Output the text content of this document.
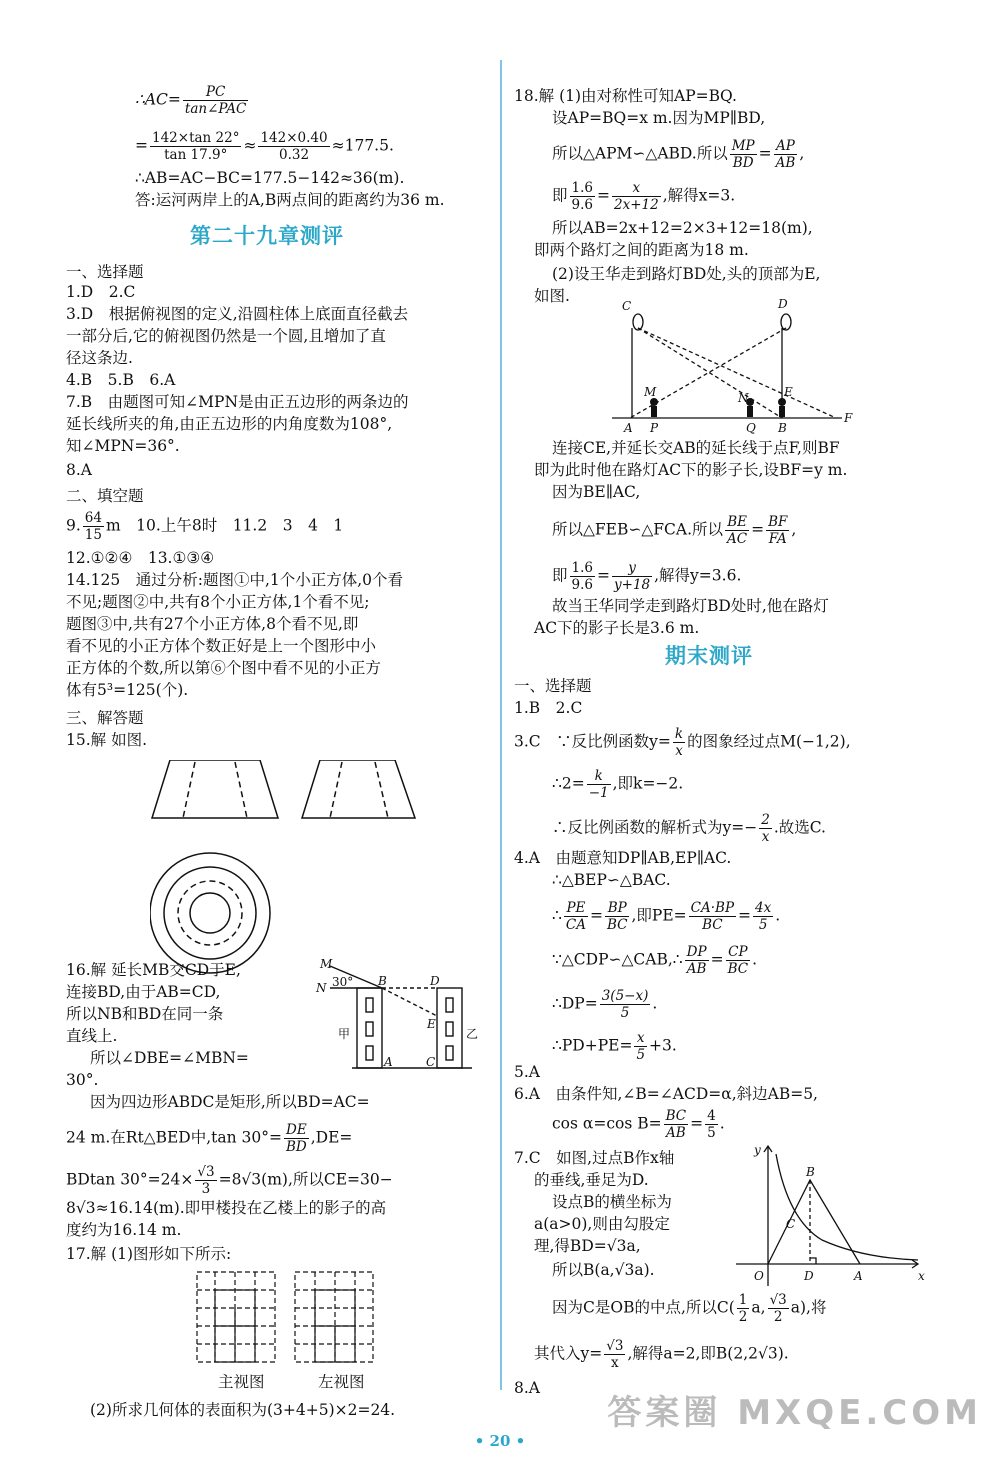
∴AC= $\frac{PC}{\text{tan∠PAC}}$
= $\frac{142\times\tan 22^\circ}{\tan 17.9^\circ} \approx \frac{142\times 0.40}{0.32} \approx 177.5$.
∴AB=AC−BC=177.5−142≈36(m).
答:运河两岸上的A,B两点间的距离约为36 m.
第二十九章测评
一、选择题
1.D　2.C
3.D　根据俯视图的定义,沿圆柱体上底面直径截去
一部分后,它的俯视图仍然是一个圆,且增加了直
径这条边.
4.B　5.B　6.A
7.B　由题图可知∠MPN是由正五边形的两条边的
延长线所夹的角,由正五边形的内角度数为108°,
知∠MPN=36°.
8.A
二、填空题
9. $\frac{64}{15}$ m　10.上午8时　11.2　3　4　1
12.①②④　13.①③④
14.125　通过分析:题图①中,1个小正方体,0个看
不见;题图②中,共有8个小正方体,1个看不见;
题图③中,共有27个小正方体,8个看不见,即
看不见的小正方体个数正好是上一个图形中小
正方体的个数,所以第⑥个图中看不见的小正方
体有5³=125(个).
三、解答题
15.解 如图.
16.解 延长MB交CD于E,
连接BD,由于AB=CD,
所以NB和BD在同一条
直线上.
所以∠DBE=∠MBN=
30°.
M
N 30° B	D
E
A	C
甲	乙
因为四边形ABDC是矩形,所以BD=AC=
24 m.在Rt△BED中,tan $30^\circ= \frac{DE}{BD} ,DE=$
BDtan $30^\circ=24\times \frac{√3}{3} =8√3(m)$,所以CE=30−
8√3≈16.14(m).即甲楼投在乙楼上的影子的高
度约为16.14 m.
17.解 (1)图形如下所示:
主视图	左视图
(2)所求几何体的表面积为(3+4+5)×2=24.
18.解 (1)由对称性可知AP=BQ.
设AP=BQ=x m.因为MP∥BD,
所以△APM∽△ABD.所以 $\frac{MP}{BD} = \frac{AP}{AB}$ ,
即 $\frac{1.6}{9.6} = \frac{x}{2x+12}$ ,解得x=3.
所以AB=2x+12=2×3+12=18(m),
即两个路灯之间的距离为18 m.
(2)设王华走到路灯BD处,头的顶部为E,
如图.
C	D
M	E
N
A P	Q B
F
连接CE,并延长交AB的延长线于点F,则BF
即为此时他在路灯AC下的影子长,设BF=y m.
因为BE∥AC,
所以△FEB∽△FCA.所以 $\frac{BE}{AC} = \frac{BF}{FA}$ ,
即 $\frac{1.6}{9.6} = \frac{y}{y+18}$ ,解得y=3.6.
故当王华同学走到路灯BD处时,他在路灯
AC下的影子长是3.6 m.
期末测评
一、选择题
1.B　2.C
3.C　∵反比例函数$y= \frac{k}{x}$ 的图象经过点M(−1,2),
∴2= $\frac{k}{-1}$ ,即k=−2.
∴反比例函数的解析式为$y=- \frac{2}{x}$ .故选C.
4.A　由题意知DP∥AB,EP∥AC.
∴△BEP∽△BAC.
∴ $\frac{PE}{CA} = \frac{BP}{BC}$ ,即$PE= \frac{CA\cdot BP}{BC} = \frac{4x}{5}$ .
∵△CDP∽△CAB,∴ $\frac{DP}{AB} = \frac{CP}{BC}$ .
∴DP= $\frac{3(5-x)}{5}$ .
∴PD+PE= $\frac{x}{5} +3$.
5.A
6.A　由条件知,∠B=∠ACD=α,斜边AB=5,
cos α=cos $B= \frac{BC}{AB} = \frac{4}{5}$ .
7.C　如图,过点B作x轴
的垂线,垂足为D.
设点B的横坐标为
a(a>0),则由勾股定
理,得BD=√3a,
所以B(a,√3a).
y
x
O
B
C
D	A
因为C是OB的中点,所以$C( \frac{1}{2} a$, $\frac{√3}{2} a$),将
其代入$y= \frac{√3}{x}$ ,解得a=2,即B(2,2√3).
8.A
• 20 •
答案圈 MXQE.COM
